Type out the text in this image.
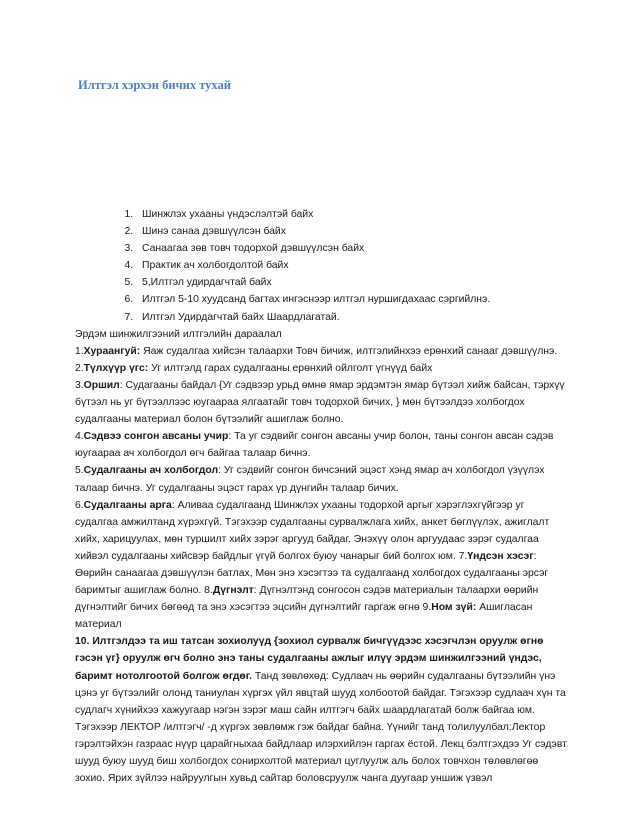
Илтгэл хэрхэн бичих тухай
1. Шинжлэх ухааны үндэслэлтэй байх
2. Шинэ санаа дэвшүүлсэн байх
3. Санаагаа зөв товч тодорхой дэвшүүлсэн байх
4. Практик ач холбогдолтой байх
5. 5,Илтгэл удирдагчтай байх
6. Илтгэл 5-10 хуудсанд багтах ингэснээр илтгэл нуршигдахаас сэргийлнэ.
7. Илтгэл Удирдагчтай байх Шаардлагатай.

Эрдэм шинжилгээний илтгэлийн дараалал

1.Хураангуй: Яаж судалгаа хийсэн талаархи Товч бичиж, илтгэлийнхээ ерөнхий санааг дэвшүүлнэ.

2.Түлхүүр үгс: Уг илтгэлд гарах судалгааны ерөнхий ойлголт үгнүүд байх

3.Оршил: Судагааны байдал {Уг сэдвээр урьд өмнө ямар эрдэмтэн ямар бүтээл хийж байсан, тэрхүү бүтээл нь уг бүтээллээс юугаараа ялгаатайг товч тодорхой бичих, } мөн бүтээлдээ холбогдох судалгааны материал болон бүтээлийг ашиглаж болно.

4.Сэдвээ сонгон авсаны учир: Та уг сэдвийг сонгон авсаны учир болон, таны сонгон авсан сэдэв юугаараа ач холбогдол өгч байгаа талаар бичнэ.

5.Судалгааны ач холбогдол: Уг сэдвийг сонгон бичсэний эцэст хэнд ямар ач холбогдол үзүүлэх талаар бичнэ. Уг судалгааны эцэст гарах үр дүнгийн талаар бичих.

6.Судалгааны арга: Аливаа судалгаанд Шинжлэх ухааны тодорхой аргыг хэрэглэхгүйгээр уг судалгаа амжилтанд хүрэхгүй. Тэгэхээр судалгааны сурвалжлага хийх, анкет бөглүүлэх, ажиглалт хийх, харицуулах, мөн туршилт хийх зэрэг аргууд байдаг. Энэхүү олон аргуудаас зэрэг судалгаа хийвэл судалгааны хийсвэр байдлыг үгүй болгох буюу чанарыг бий болгох юм. 7.Үндсэн хэсэг: Өөрийн санаагаа дэвшүүлэн батлах, Мөн энэ хэсэгтээ та судалгаанд холбогдох судалгааны эрсэг баримтыг ашиглаж болно. 8.Дүгнэлт: Дүгнэлтэнд сонгосон сэдэв материалын талаархи өөрийн дүгнэлтийг бичих бөгөөд та энэ хэсэгтээ эцсийн дүгнэлтийг гаргаж өгнө 9.Ном зүй: Ашигласан материал

10. Илтгэлдээ та иш татсан зохиолуүд {зохиол сурвалж бичгүүдээс хэсэгчлэн оруулж өгнө гэсэн үг} оруулж өгч болно энэ таны судалгааны ажлыг илүү эрдэм шинжилгээний үндэс, баримт нотолгоотой болгож өгдөг. Танд зөвлөхөд: Судлаач нь өөрийн судалгааны бүтээлийн үнэ цэнэ уг бүтээлийг олонд таниулан хүргэх үйл явцтай шууд холбоотой байдаг. Тэгэхээр судлаач хүн та судлагч хүнийхээ хажуугаар нэгэн зэрэг маш сайн илтгэгч байх шаардлагатай болж байгаа юм. Тэгэхээр ЛЕКТОР /илтгэгч/ -д хүргэх зөвлөмж гэж байдаг байна. Үүнийг танд толилуулбал:Лектор гэрэлтэйхэн газраас нүүр царайгныхаа байдлаар илэрхийлэн гаргах ёстой. Лекц бэлтгэхдээ Уг сэдэвт шууд буюу шууд биш холбогдох сонирхолтой материал цуглуулж аль болох товчхон төлөвлөгөө зохио. Ярих зүйлээ найруулгын хувьд сайтар боловсруулж чанга дуугаар уншиж үзвэл
